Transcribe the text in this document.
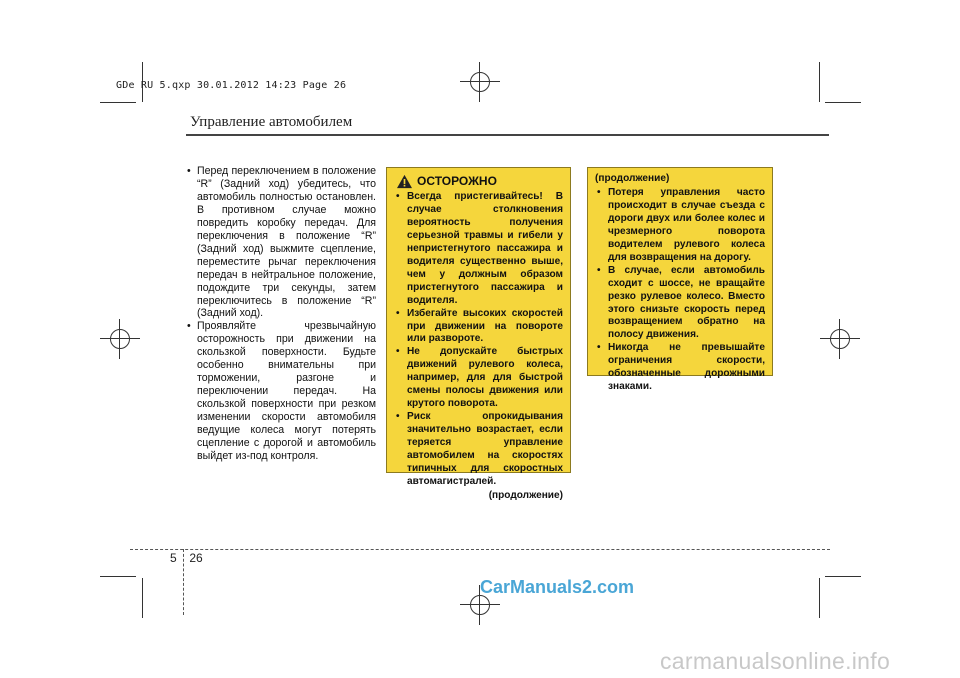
GDe RU 5.qxp 30.01.2012 14:23 Page 26
Управление автомобилем
• Перед переключением в положение “R” (Задний ход) убедитесь, что автомобиль полностью остановлен. В противном случае можно повредить коробку передач. Для переключения в положение “R” (Задний ход) выжмите сцепление, переместите рычаг переключения передач в нейтральное положение, подождите три секунды, затем переключитесь в положение “R” (Задний ход).
• Проявляйте чрезвычайную осторожность при движении на скользкой поверхности. Будьте особенно внимательны при торможении, разгоне и переключении передач. На скользкой поверхности при резком изменении скорости автомобиля ведущие колеса могут потерять сцепление с дорогой и автомобиль выйдет из-под контроля.
ОСТОРОЖНО
• Всегда пристегивайтесь! В случае столкновения вероятность получения серьезной травмы и гибели у непристегнутого пассажира и водителя существенно выше, чем у должным образом пристегнутого пассажира и водителя.
• Избегайте высоких скоростей при движении на повороте или развороте.
• Не допускайте быстрых движений рулевого колеса, например, для для быстрой смены полосы движения или крутого поворота.
• Риск опрокидывания значительно возрастает, если теряется управление автомобилем на скоростях типичных для скоростных автомагистралей.
(продолжение)
(продолжение)
• Потеря управления часто происходит в случае съезда с дороги двух или более колес и чрезмерного поворота водителем рулевого колеса для возвращения на дорогу.
• В случае, если автомобиль сходит с шоссе, не вращайте резко рулевое колесо. Вместо этого снизьте скорость перед возвращением обратно на полосу движения.
• Никогда не превышайте ограничения скорости, обозначенные дорожными знаками.
5 26
CarManuals2.com
carmanualsonline.info
